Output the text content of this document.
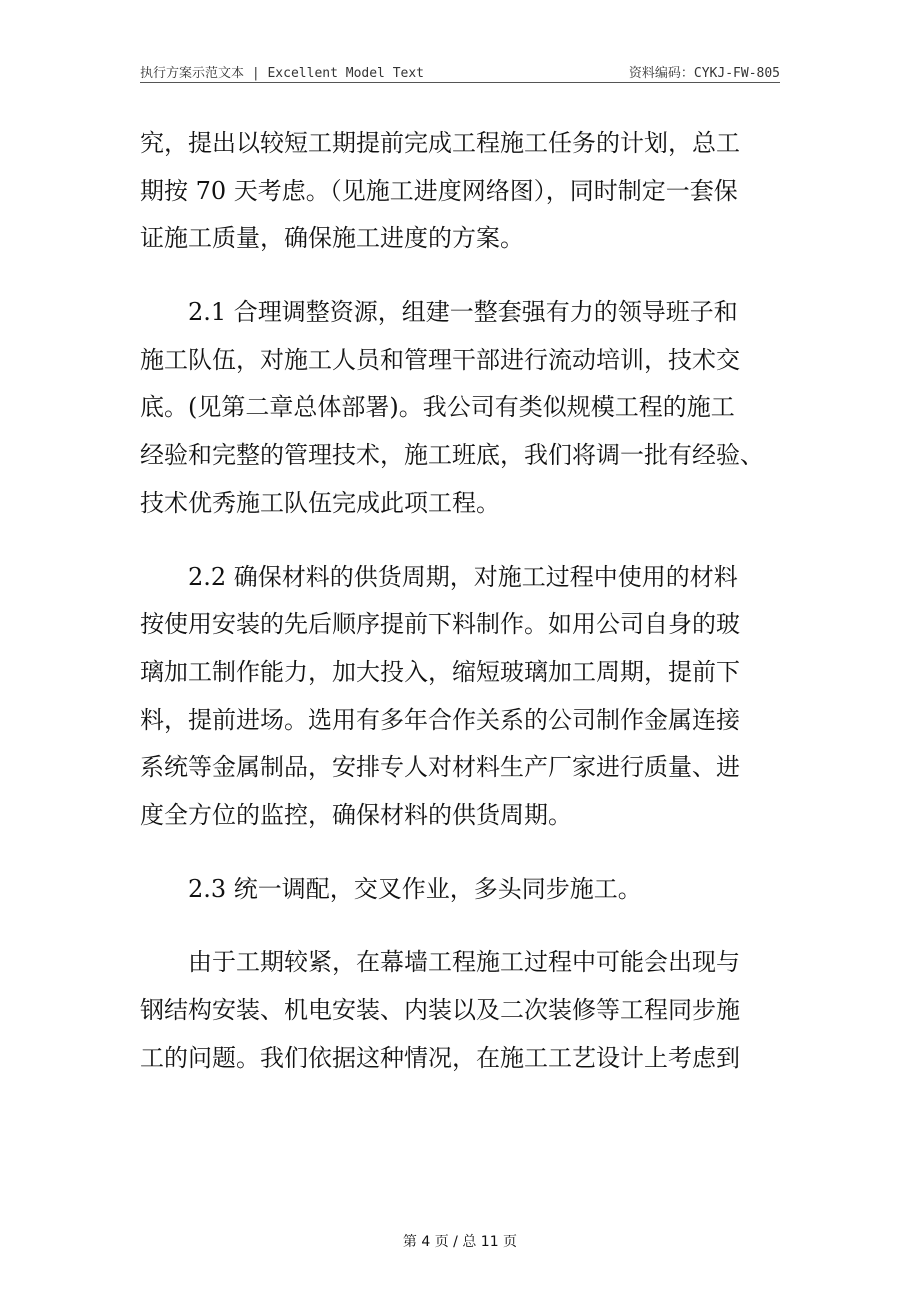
执行方案示范文本 | Excellent Model Text	资料编码：CYKJ-FW-805
究，提出以较短工期提前完成工程施工任务的计划，总工
期按 70 天考虑。（见施工进度网络图），同时制定一套保
证施工质量，确保施工进度的方案。
2.1 合理调整资源，组建一整套强有力的领导班子和
施工队伍，对施工人员和管理干部进行流动培训，技术交
底。(见第二章总体部署)。我公司有类似规模工程的施工
经验和完整的管理技术，施工班底，我们将调一批有经验、
技术优秀施工队伍完成此项工程。
2.2 确保材料的供货周期，对施工过程中使用的材料
按使用安装的先后顺序提前下料制作。如用公司自身的玻
璃加工制作能力，加大投入，缩短玻璃加工周期，提前下
料，提前进场。选用有多年合作关系的公司制作金属连接
系统等金属制品，安排专人对材料生产厂家进行质量、进
度全方位的监控，确保材料的供货周期。
2.3 统一调配，交叉作业，多头同步施工。
由于工期较紧，在幕墙工程施工过程中可能会出现与
钢结构安装、机电安装、内装以及二次装修等工程同步施
工的问题。我们依据这种情况，在施工工艺设计上考虑到
第 4 页 / 总 11 页
